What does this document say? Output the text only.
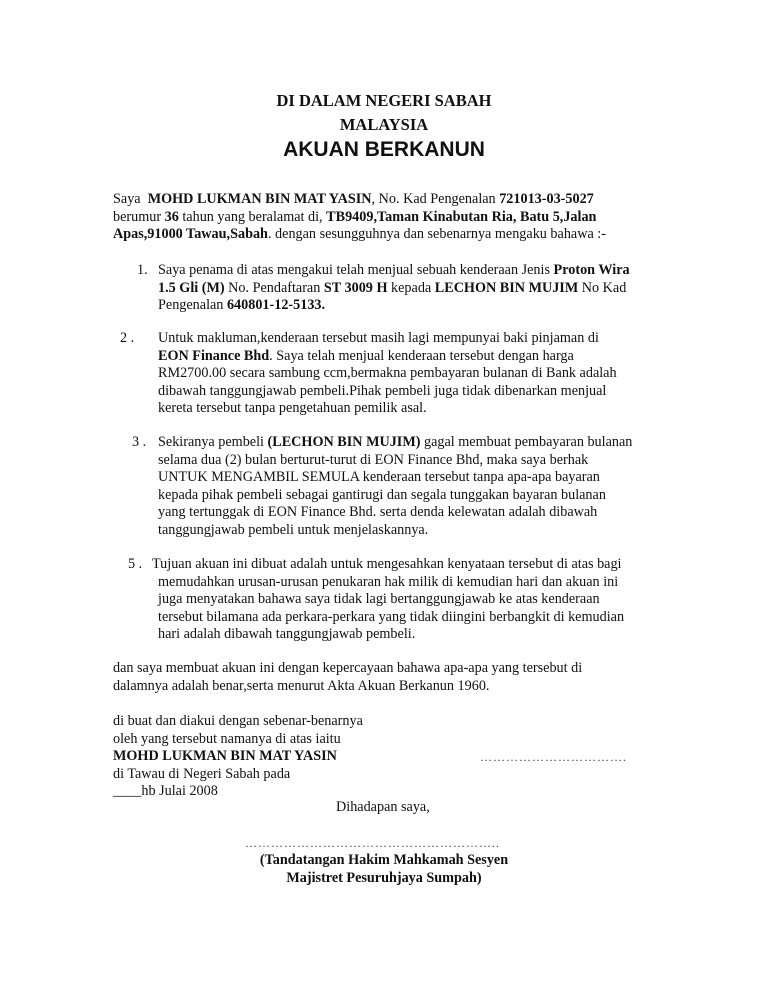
DI DALAM NEGERI SABAH
MALAYSIA
AKUAN BERKANUN
Saya MOHD LUKMAN BIN MAT YASIN, No. Kad Pengenalan 721013-03-5027
berumur 36 tahun yang beralamat di, TB9409,Taman Kinabutan Ria, Batu 5,Jalan
Apas,91000 Tawau,Sabah. dengan sesungguhnya dan sebenarnya mengaku bahawa :-
1. Saya penama di atas mengakui telah menjual sebuah kenderaan Jenis Proton Wira
1.5 Gli (M) No. Pendaftaran ST 3009 H kepada LECHON BIN MUJIM No Kad
Pengenalan 640801-12-5133.
2 . Untuk makluman,kenderaan tersebut masih lagi mempunyai baki pinjaman di
EON Finance Bhd. Saya telah menjual kenderaan tersebut dengan harga
RM2700.00 secara sambung ccm,bermakna pembayaran bulanan di Bank adalah
dibawah tanggungjawab pembeli.Pihak pembeli juga tidak dibenarkan menjual
kereta tersebut tanpa pengetahuan pemilik asal.
3 . Sekiranya pembeli (LECHON BIN MUJIM) gagal membuat pembayaran bulanan
selama dua (2) bulan berturut-turut di EON Finance Bhd, maka saya berhak
UNTUK MENGAMBIL SEMULA kenderaan tersebut tanpa apa-apa bayaran
kepada pihak pembeli sebagai gantirugi dan segala tunggakan bayaran bulanan
yang tertunggak di EON Finance Bhd. serta denda kelewatan adalah dibawah
tanggungjawab pembeli untuk menjelaskannya.
5 . Tujuan akuan ini dibuat adalah untuk mengesahkan kenyataan tersebut di atas bagi
memudahkan urusan-urusan penukaran hak milik di kemudian hari dan akuan ini
juga menyatakan bahawa saya tidak lagi bertanggungjawab ke atas kenderaan
tersebut bilamana ada perkara-perkara yang tidak diingini berbangkit di kemudian
hari adalah dibawah tanggungjawab pembeli.
dan saya membuat akuan ini dengan kepercayaan bahawa apa-apa yang tersebut di
dalamnya adalah benar,serta menurut Akta Akuan Berkanun 1960.
di buat dan diakui dengan sebenar-benarnya
oleh yang tersebut namanya di atas iaitu
MOHD LUKMAN BIN MAT YASIN
di Tawau di Negeri Sabah pada
____hb Julai 2008
…………………………….
Dihadapan saya,
…………………………………………………..
(Tandatangan Hakim Mahkamah Sesyen
Majistret Pesuruhjaya Sumpah)
